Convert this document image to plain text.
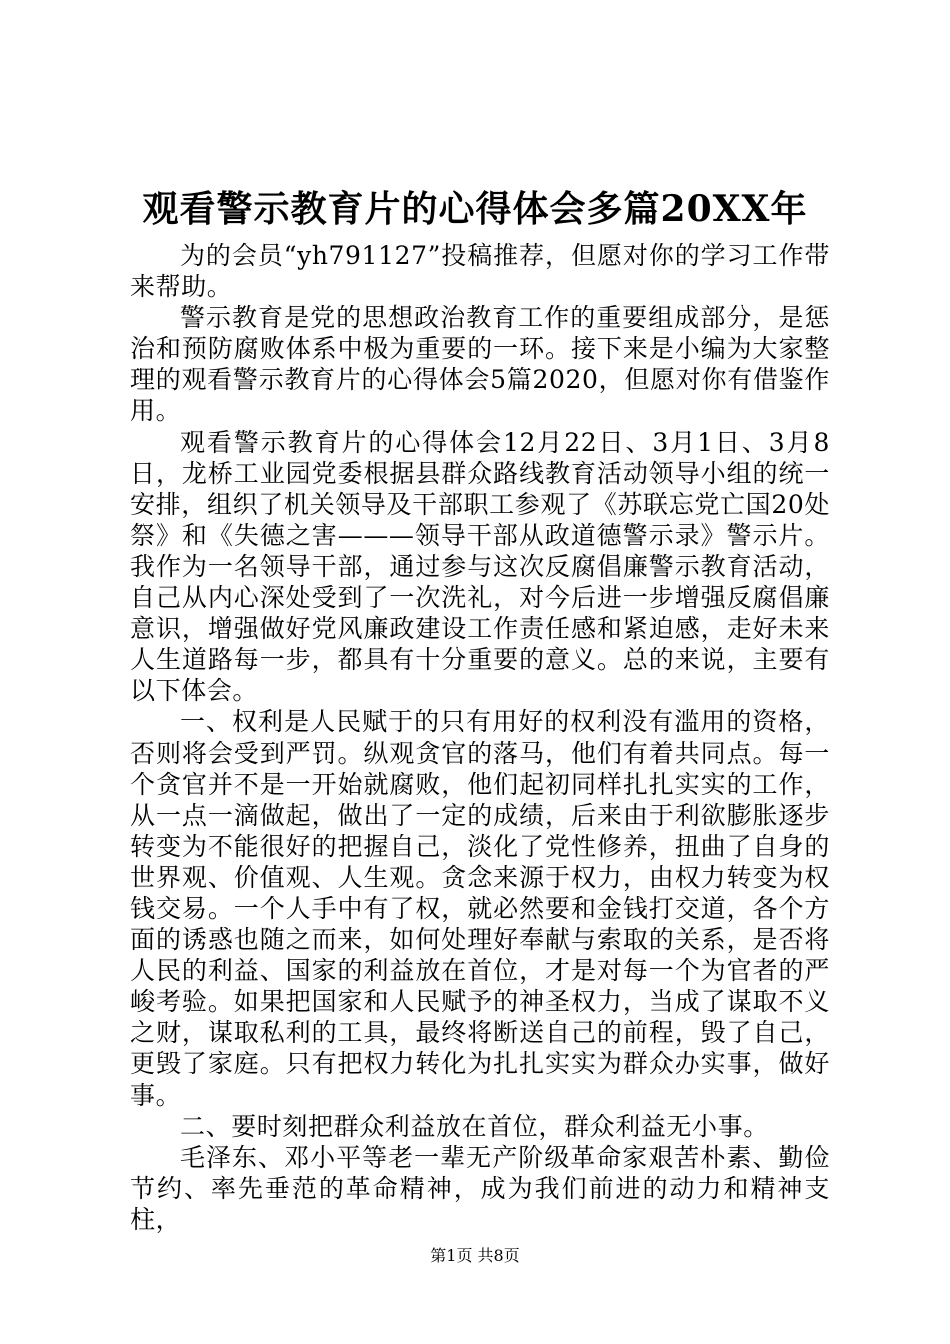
观看警示教育片的心得体会多篇20XX年

为的会员“yh791127”投稿推荐，但愿对你的学习工作带来帮助。

警示教育是党的思想政治教育工作的重要组成部分，是惩治和预防腐败体系中极为重要的一环。接下来是小编为大家整理的观看警示教育片的心得体会5篇2020，但愿对你有借鉴作用。

观看警示教育片的心得体会12月22日、3月1日、3月8日，龙桥工业园党委根据县群众路线教育活动领导小组的统一安排，组织了机关领导及干部职工参观了《苏联忘党亡国20处祭》和《失德之害———领导干部从政道德警示录》警示片。我作为一名领导干部，通过参与这次反腐倡廉警示教育活动，自己从内心深处受到了一次洗礼，对今后进一步增强反腐倡廉意识，增强做好党风廉政建设工作责任感和紧迫感，走好未来人生道路每一步，都具有十分重要的意义。总的来说，主要有以下体会。

一、权利是人民赋于的只有用好的权利没有滥用的资格，否则将会受到严罚。纵观贪官的落马，他们有着共同点。每一个贪官并不是一开始就腐败，他们起初同样扎扎实实的工作，从一点一滴做起，做出了一定的成绩，后来由于利欲膨胀逐步转变为不能很好的把握自己，淡化了党性修养，扭曲了自身的世界观、价值观、人生观。贪念来源于权力，由权力转变为权钱交易。一个人手中有了权，就必然要和金钱打交道，各个方面的诱惑也随之而来，如何处理好奉献与索取的关系，是否将人民的利益、国家的利益放在首位，才是对每一个为官者的严峻考验。如果把国家和人民赋予的神圣权力，当成了谋取不义之财，谋取私利的工具，最终将断送自己的前程，毁了自己，更毁了家庭。只有把权力转化为扎扎实实为群众办实事，做好事。

二、要时刻把群众利益放在首位，群众利益无小事。

毛泽东、邓小平等老一辈无产阶级革命家艰苦朴素、勤俭节约、率先垂范的革命精神，成为我们前进的动力和精神支柱，

第1页 共8页
